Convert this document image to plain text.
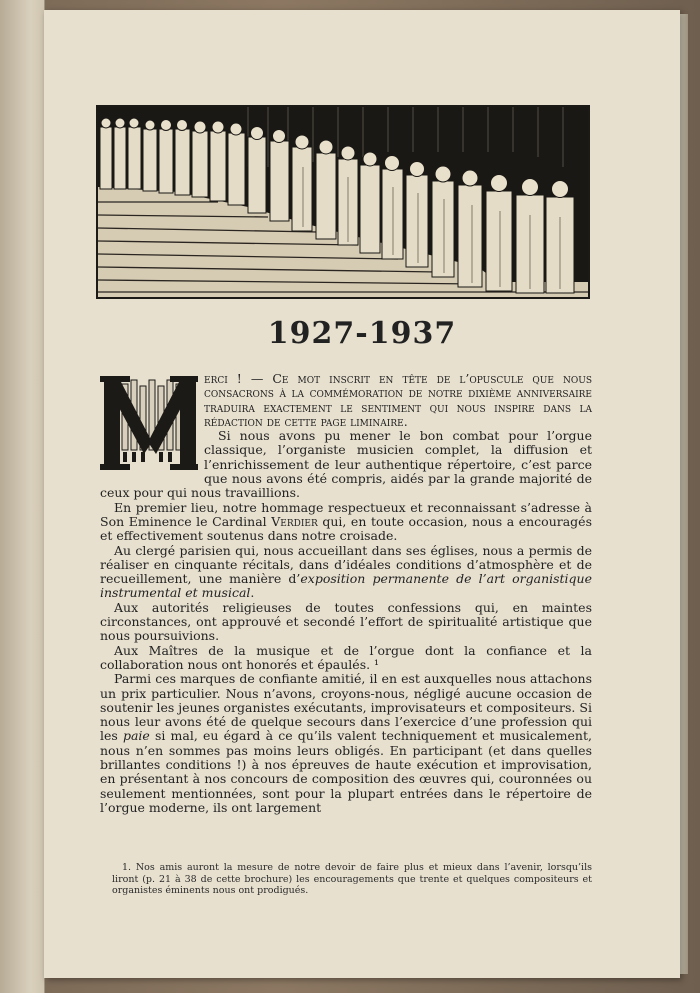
1927-1937

erci ! — Ce mot inscrit en tête de l’opuscule que nous consacrons à la commémoration de notre dixième anniversaire traduira exactement le sentiment qui nous inspire dans la rédaction de cette page liminaire.

Si nous avons pu mener le bon combat pour l’orgue classique, l’organiste musicien complet, la diffusion et l’enrichissement de leur authentique répertoire, c’est parce que nous avons été compris, aidés par la grande majorité de ceux pour qui nous travaillions.

En premier lieu, notre hommage respectueux et reconnaissant s’adresse à Son Eminence le Cardinal Verdier qui, en toute occasion, nous a encouragés et effectivement soutenus dans notre croisade.

Au clergé parisien qui, nous accueillant dans ses églises, nous a permis de réaliser en cinquante récitals, dans d’idéales conditions d’atmosphère et de recueillement, une manière d’exposition permanente de l’art organistique instrumental et musical.

Aux autorités religieuses de toutes confessions qui, en maintes circonstances, ont approuvé et secondé l’effort de spiritualité artistique que nous poursuivions.

Aux Maîtres de la musique et de l’orgue dont la confiance et la collaboration nous ont honorés et épaulés. ¹

Parmi ces marques de confiante amitié, il en est auxquelles nous attachons un prix particulier. Nous n’avons, croyons-nous, négligé aucune occasion de soutenir les jeunes organistes exécutants, improvisateurs et compositeurs. Si nous leur avons été de quelque secours dans l’exercice d’une profession qui les paie si mal, eu égard à ce qu’ils valent techniquement et musicalement, nous n’en sommes pas moins leurs obligés. En participant (et dans quelles brillantes conditions !) à nos épreuves de haute exécution et improvisation, en présentant à nos concours de composition des œuvres qui, couronnées ou seulement mentionnées, sont pour la plupart entrées dans le répertoire de l’orgue moderne, ils ont largement

1. Nos amis auront la mesure de notre devoir de faire plus et mieux dans l’avenir, lorsqu’ils liront (p. 21 à 38 de cette brochure) les encouragements que trente et quelques compositeurs et organistes éminents nous ont prodigués.
